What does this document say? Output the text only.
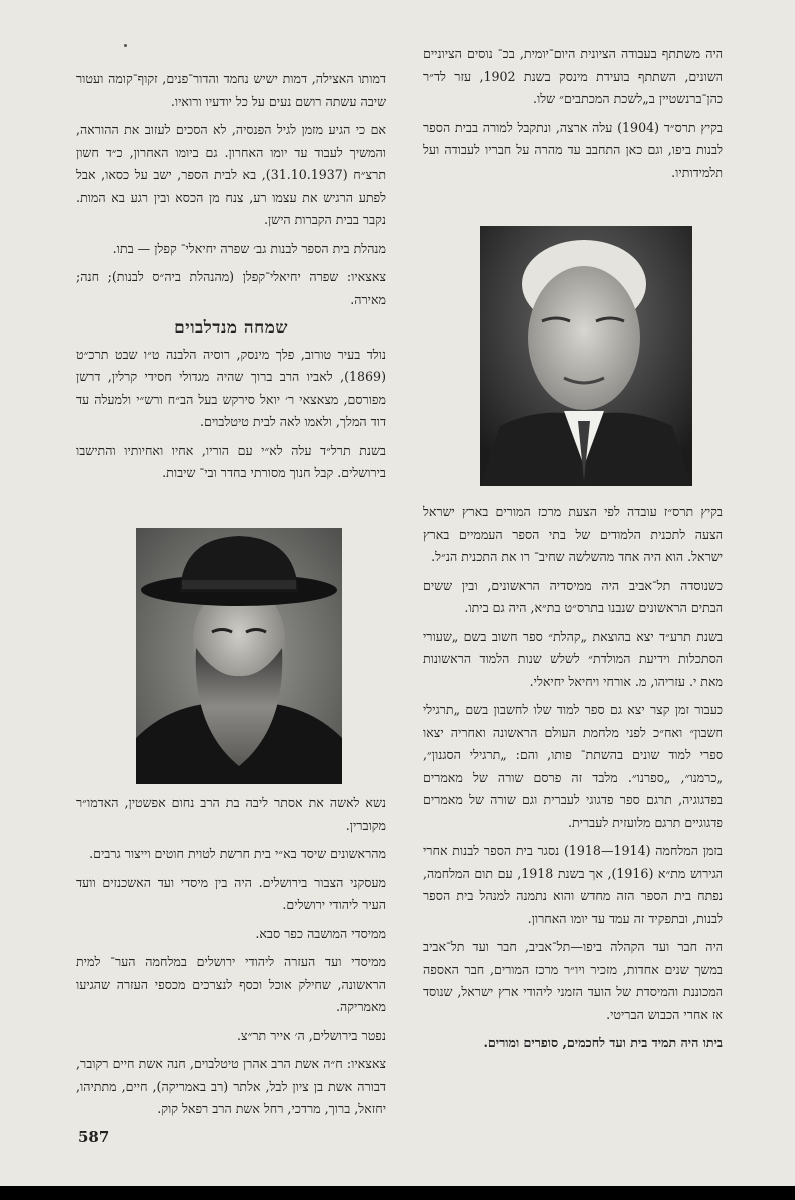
היה משתתף בעבודה הציונית היום־יומית, בכ־ נוסים הציוניים השונים, השתתף בועידת מינסק בשנת 1902, עזר לד״ר כהן־ברנשטיין ב„לשכת המכתבים״ שלו.

בקיץ תרס״ד (1904) עלה ארצה, ונתקבל למורה בבית הספר לבנות ביפו, וגם כאן התחבב עד מהרה על חבריו לעבודה ועל תלמידותיו.

בקיץ תרס״ז עובדה לפי הצעת מרכז המורים בארץ ישראל הצעה לתכנית הלמודים של בתי הספר העממיים בארץ ישראל. הוא היה אחד מהשלשה שחיב־ רו את התכנית הנ״ל.

כשנוסדה תל־אביב היה ממיסדיה הראשונים, ובין ששים הבתים הראשונים שנבנו בתרס״ט בת״א, היה גם ביתו.

בשנת תרע״ד יצא בהוצאת „קהלת״ ספר חשוב בשם „שעורי הסתכלות וידיעת המולדת״ לשלש שנות הלמוד הראשונות מאת י. עזריהו, מ. אורחי ויחיאל יחיאלי.

כעבור זמן קצר יצא גם ספר למוד שלו לחשבון בשם „תרגילי חשבון״ ואח״כ לפני מלחמת העולם הראשונה ואחריה יצאו ספרי למוד שונים בהשתת־ פותו, והם: „תרגילי הסגנון״, „כרמנו״, „ספרנו״. מלבד זה פרסם שורה של מאמרים בפדגוגיה, תרגם ספר פדגוגי לעברית וגם שורה של מאמרים פדגוגיים תרגם מלועזית לעברית.

בזמן המלחמה (1914—1918) נסגר בית הספר לבנות אחרי הגירוש מת״א (1916), אך בשנת 1918, עם תום המלחמה, נפתח בית הספר הזה מחדש והוא נתמנה למנהל בית הספר לבנות, ובתפקיד זה עמד עד יומו האחרון.

היה חבר ועד הקהלה ביפו—תל־אביב, חבר ועד תל־אביב במשך שנים אחדות, מזכיר ויו״ר מרכז המורים, חבר האספה המכוננת והמיסדת של הועד הזמני ליהודי ארץ ישראל, שנוסד אז אחרי הכבוש הבריטי.

ביתו היה תמיד בית ועד לחכמים, סופרים ומורים.

דמותו האצילה, דמות ישיש נחמד והדור־פנים, זקוף־קומה ועטור שיבה עשתה רושם נעים על כל יודעיו ורואיו.

אם כי הגיע מזמן לגיל הפנסיה, לא הסכים לעזוב את ההוראה, והמשיך לעבוד עד יומו האחרון. גם ביומו האחרון, כ״ד חשון תרצ״ח (31.10.1937), בא לבית הספר, ישב על כסאו, אבל לפתע הרגיש את עצמו רע, צנח מן הכסא ובין רגע בא המות. נקבר בבית הקברות הישן.

מנהלת בית הספר לבנות גב׳ שפרה יחיאלי־ קפלן — בתו.

צאצאיו: שפרה יחיאלי־קפלן (מהנהלת ביה״ס לבנות); חנה; מאירה.

שמחה מנדלבוים

נולד בעיר טורוב, פלך מינסק, רוסיה הלבנה ט״ו שבט תרכ״ט (1869), לאביו הרב ברוך שהיה מגדולי חסידי קרלין, דרשן מפורסם, מצאצאי ר׳ יואל סירקש בעל הב״ח ורש״י ולמעלה עד דוד המלך, ולאמו לאה לבית טיטלבוים.

בשנת תרל״ד עלה לא״י עם הוריו, אחיו ואחיותיו והתישבו בירושלים. קבל חנוך מסורתי בחדר ובי־ שיבות.

נשא לאשה את אסתר ליבה בת הרב נחום אפשטין, האדמו״ר מקוברין.

מהראשונים שיסד בא״י בית חרשת לטוית חוטים וייצור גרבים.

מעסקני הצבור בירושלים. היה בין מיסדי ועד האשכנזים וועד העיר ליהודי ירושלים.

ממיסדי המושבה כפר סבא.

ממיסדי ועד העזרה ליהודי ירושלים במלחמה הער־ למית הראשונה, שחילק אוכל וכסף לנצרכים מכספי העזרה שהגיעו מאמריקה.

נפטר בירושלים, ה׳ אייר תר״צ.

צאצאיו: ח״ה אשת הרב אהרן טיטלבוים, חנה אשת חיים רקובר, דבורה אשת בן ציון לבל, אלתר (רב באמריקה), חיים, מתתיהו, יחזאל, ברוך, מרדכי, רחל אשת הרב רפאל קוק.

587
